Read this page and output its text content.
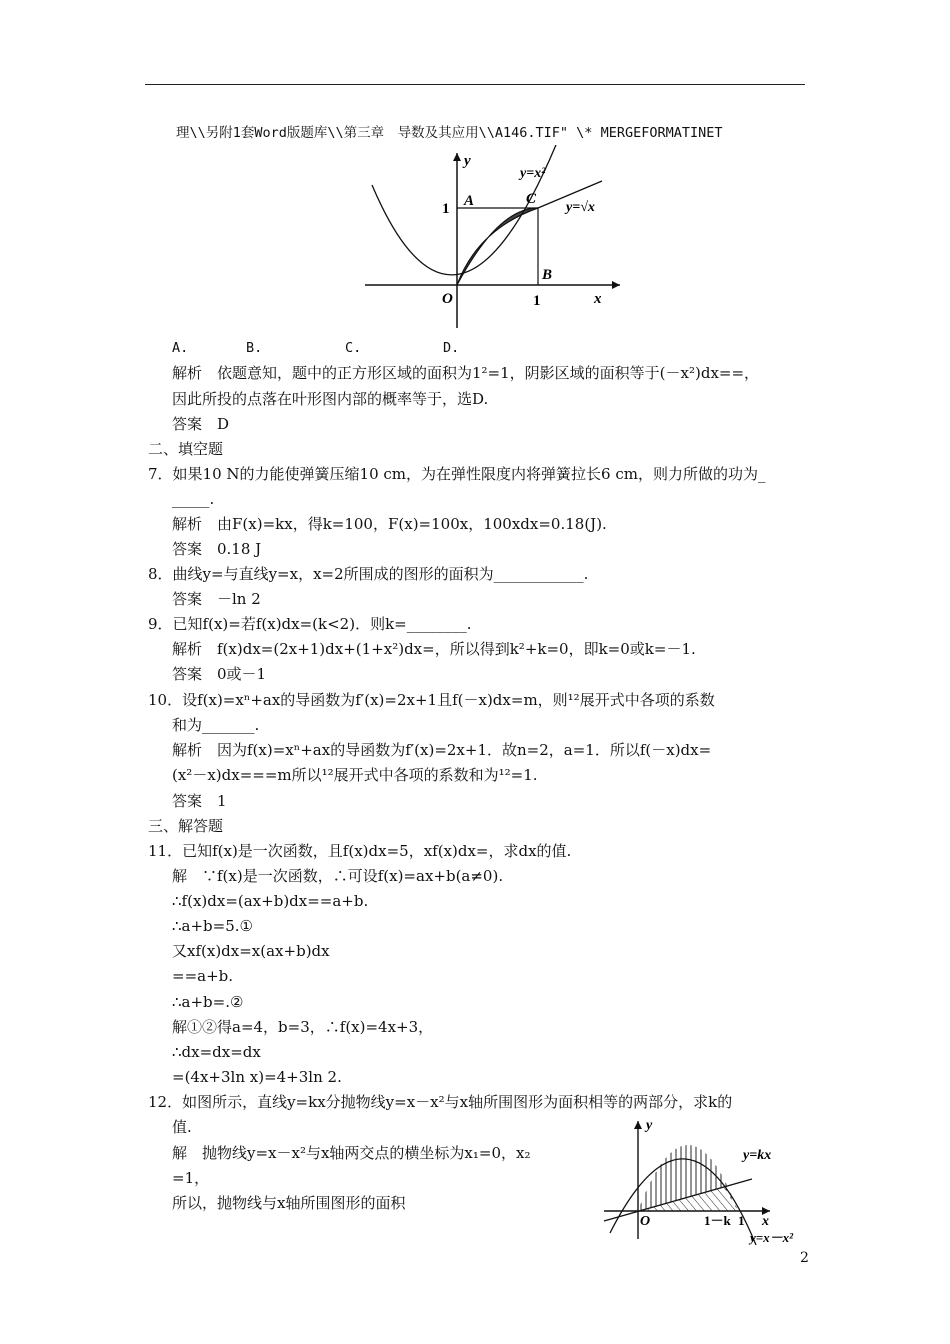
理\\另附1套Word版题库\\第三章　导数及其应用\\A146.TIF" \* MERGEFORMATINET
y
x
O	1
1 A
B
C
y=x²
y=√x
A.	B.	C.	D.
解析　依题意知，题中的正方形区域的面积为1²=1，阴影区域的面积等于(－x²)dx==，
因此所投的点落在叶形图内部的概率等于，选D.
答案　D
二、填空题
7．如果10 N的力能使弹簧压缩10 cm，为在弹性限度内将弹簧拉长6 cm，则力所做的功为_
_____.
解析　由F(x)=kx，得k=100，F(x)=100x，100xdx=0.18(J).
答案　0.18 J
8．曲线y=与直线y=x，x=2所围成的图形的面积为____________.
答案　－ln 2
9．已知f(x)=若f(x)dx=(k<2)．则k=________.
解析　f(x)dx=(2x+1)dx+(1+x²)dx=，所以得到k²+k=0，即k=0或k=－1.
答案　0或－1
10．设f(x)=xⁿ+ax的导函数为f′(x)=2x+1且f(－x)dx=m，则¹²展开式中各项的系数
和为_______.
解析　因为f(x)=xⁿ+ax的导函数为f′(x)=2x+1．故n=2，a=1．所以f(－x)dx=
(x²－x)dx===m所以¹²展开式中各项的系数和为¹²=1.
答案　1
三、解答题
11．已知f(x)是一次函数，且f(x)dx=5，xf(x)dx=，求dx的值.
解　∵f(x)是一次函数，∴可设f(x)=ax+b(a≠0).
∴f(x)dx=(ax+b)dx==a+b.
∴a+b=5.①
又xf(x)dx=x(ax+b)dx
==a+b.
∴a+b=.②
解①②得a=4，b=3，∴f(x)=4x+3，
∴dx=dx=dx
=(4x+3ln x)=4+3ln 2.
12．如图所示，直线y=kx分抛物线y=x－x²与x轴所围图形为面积相等的两部分，求k的
值.
解　抛物线y=x－x²与x轴两交点的横坐标为x₁=0，x₂
=1，
所以，抛物线与x轴所围图形的面积
y
x
O
y=kx
1－k 1
y=x－x²
2
